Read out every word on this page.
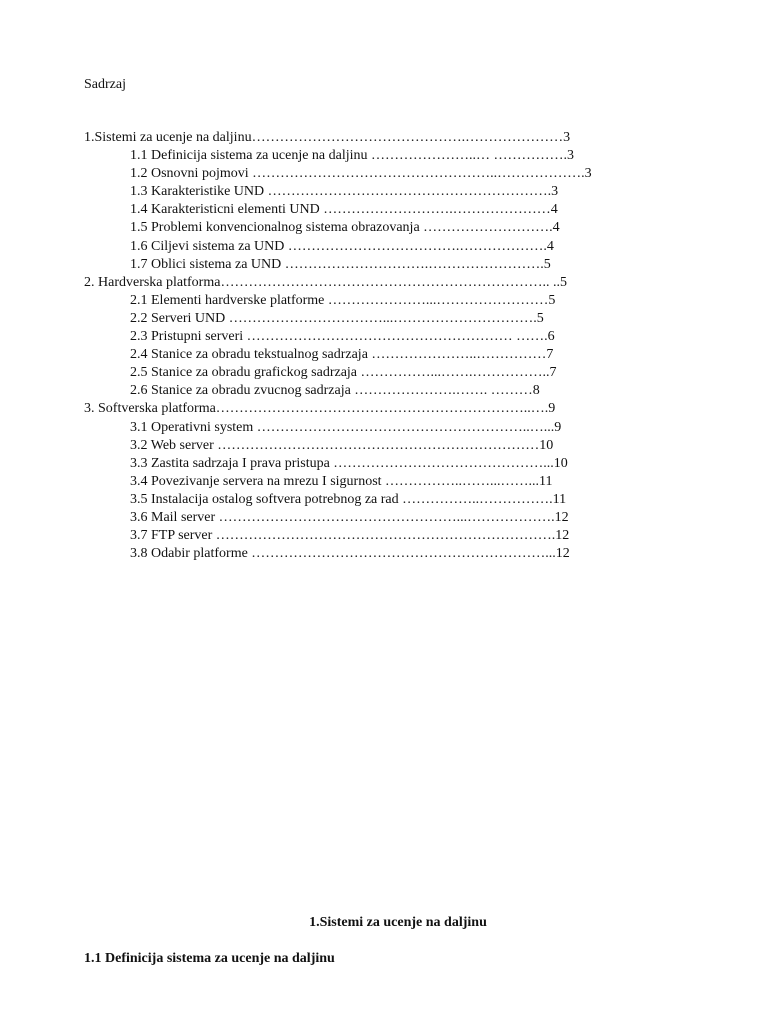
Sadrzaj
1.Sistemi za ucenje na daljinu……………………………………….…………………3
1.1 Definicija sistema za ucenje na daljinu …………………..… …………….3
1.2 Osnovni pojmovi ……………………………………………..……………….3
1.3 Karakteristike UND …………………………………………………….3
1.4 Karakteristicni elementi UND ……………………….…………………4
1.5 Problemi konvencionalnog sistema obrazovanja ……………………….4
1.6 Ciljevi sistema za UND ……………………………….……………….4
1.7 Oblici sistema za UND ………………………….…………………….5
2. Hardverska platforma…………………………………………………………….. ..5
2.1 Elementi hardverske platforme …………………...……………………5
2.2 Serveri UND ……………………………...………………………….5
2.3 Pristupni serveri ………………………………………………… …….6
2.4 Stanice za obradu tekstualnog sadrzaja …………………..……………7
2.5 Stanice za obradu grafickog sadrzaja ……………...…….……………..7
2.6 Stanice za obradu zvucnog sadrzaja ………………….……. ………8
3. Softverska platforma…………………………………………………………..….9
3.1 Operativni system …………………………………………………..…...9
3.2 Web server ……………………………………………………………10
3.3 Zastita sadrzaja I prava pristupa ………………………………………...10
3.4 Povezivanje servera na mrezu I sigurnost ……………..……...……...11
3.5 Instalacija ostalog softvera potrebnog za rad ……………..…………….11
3.6 Mail server ……………………………………………...……………….12
3.7 FTP server ……………………………………………………………….12
3.8 Odabir platforme ………………………………………………………...12
1.Sistemi za ucenje na daljinu
1.1 Definicija sistema za ucenje na daljinu
